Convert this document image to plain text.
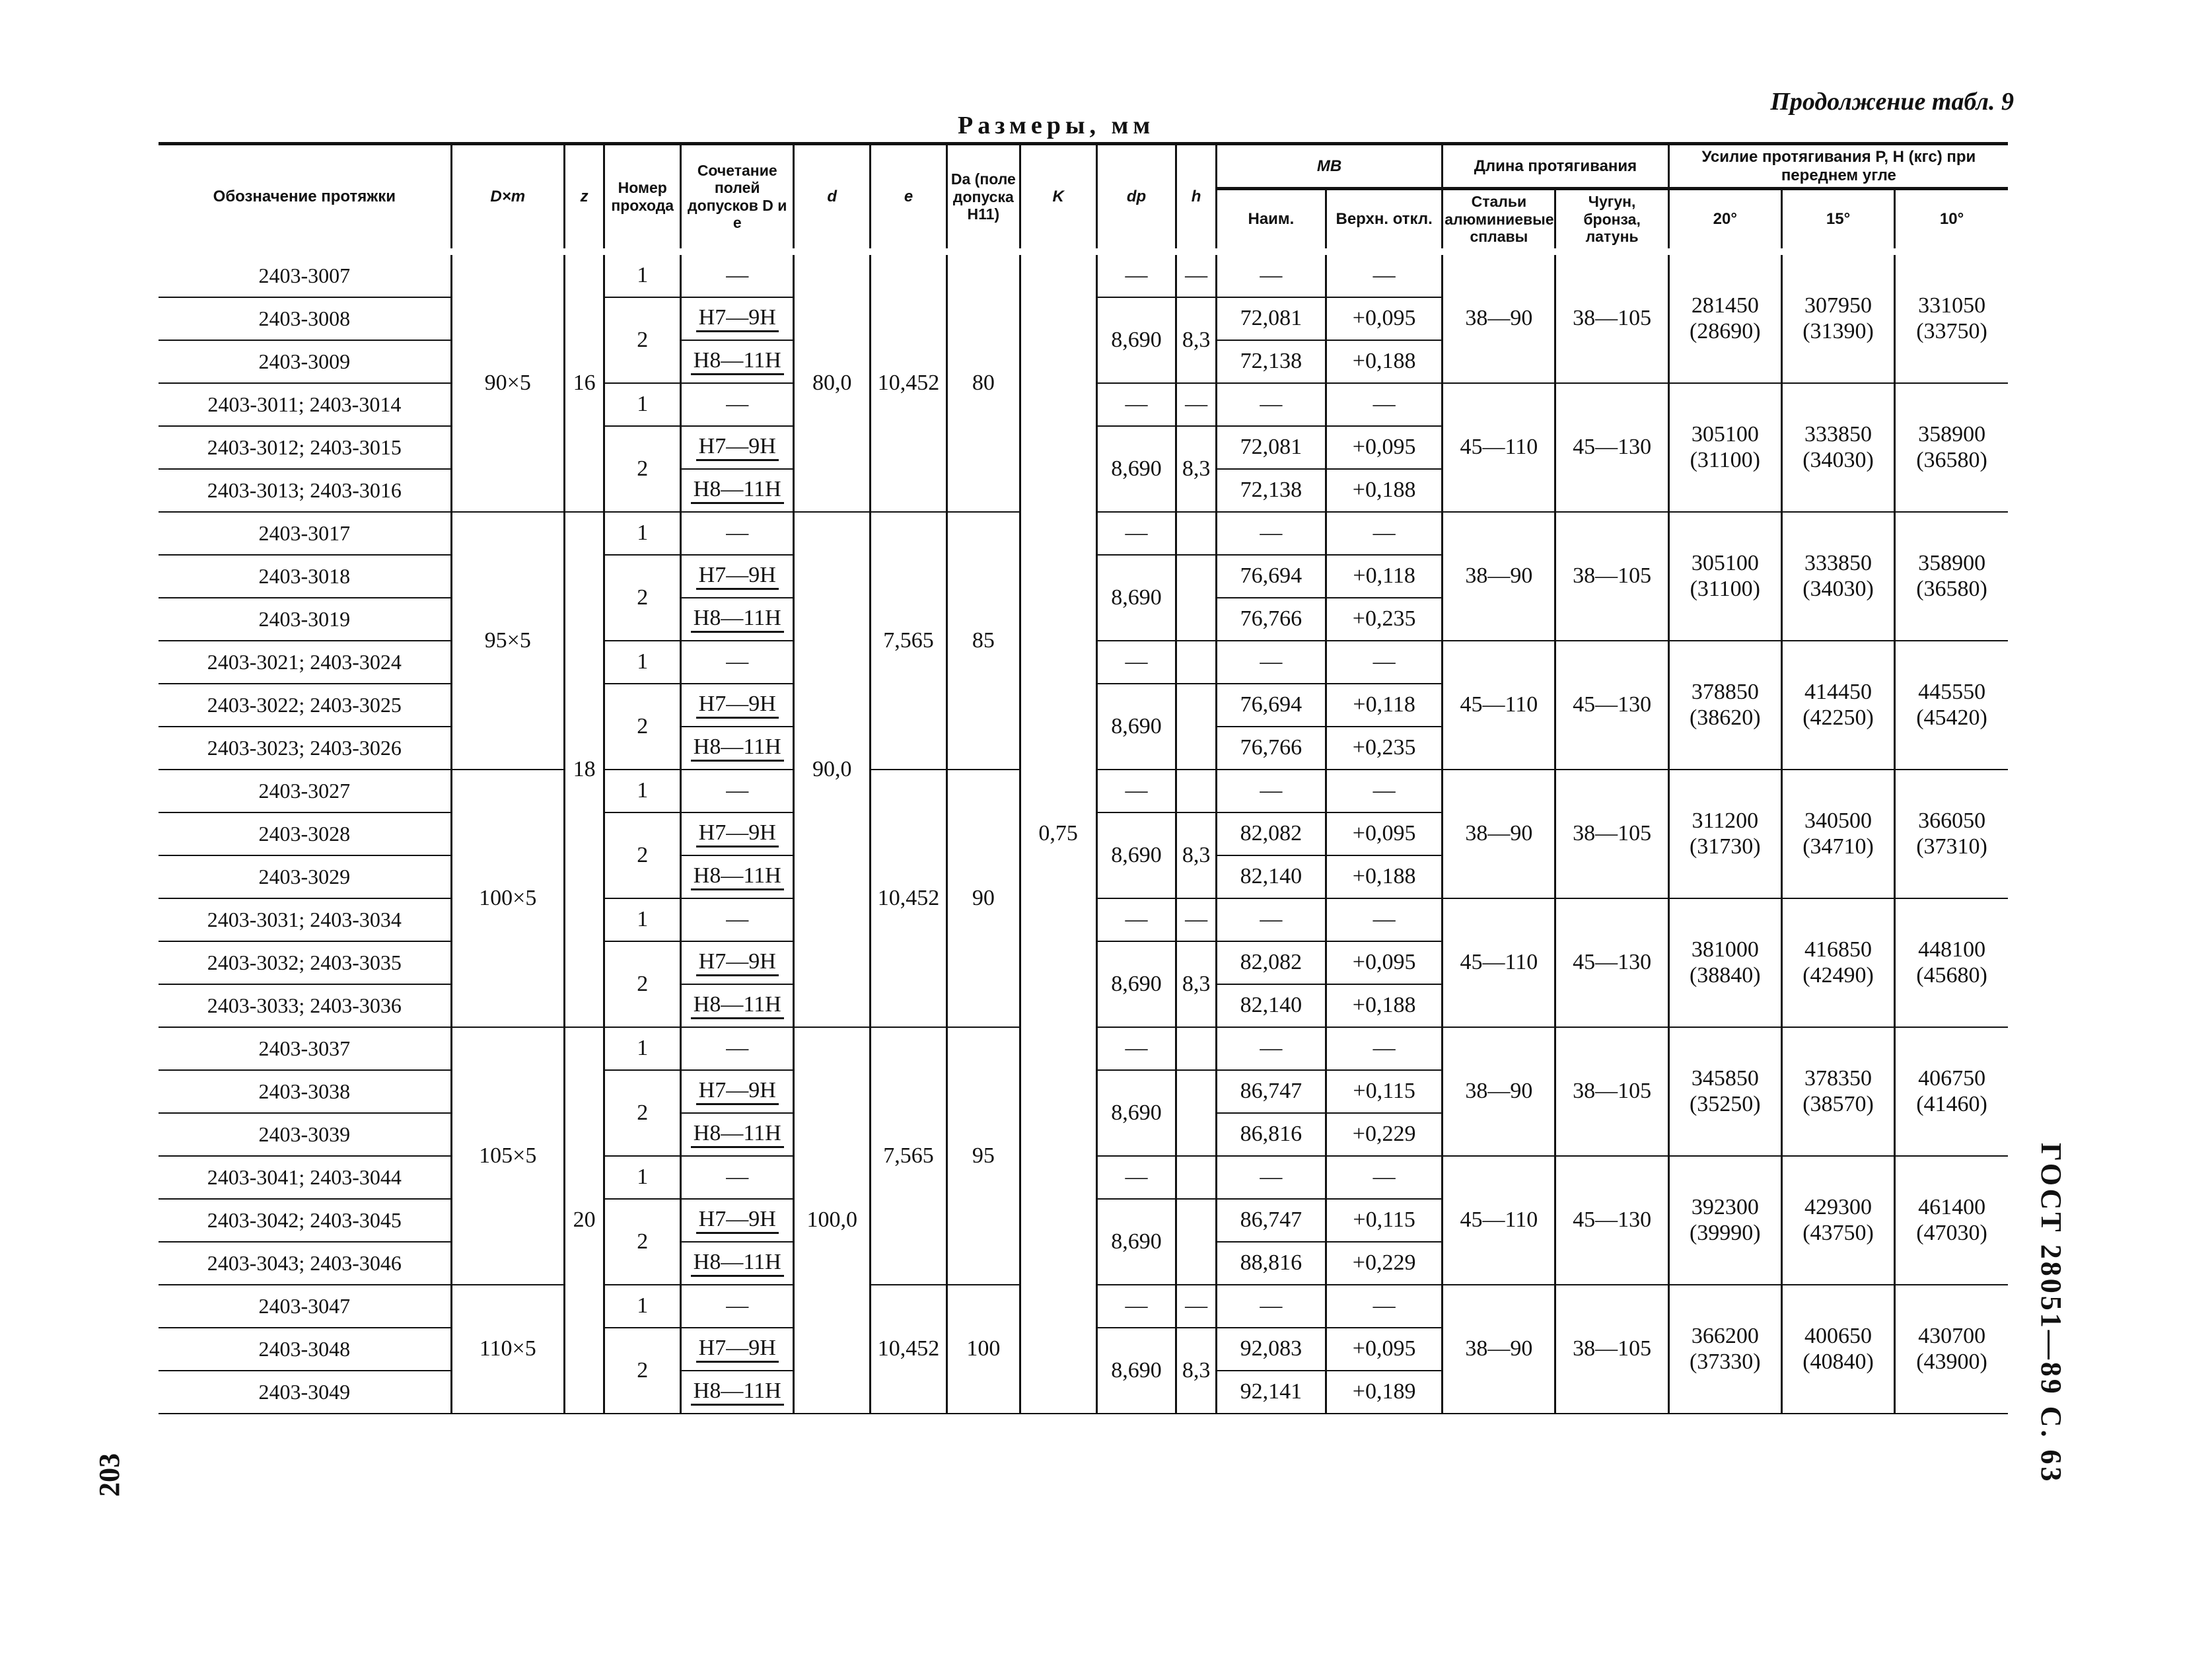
Продолжение табл. 9
Размеры, мм
ГОСТ 28051—89 С. 63
203
Обозначение протяжки	D×m	z	Номер прохода	Сочетание полей допусков D и e	d	e	Da (поле допуска H11)	K	dp	h	MB		Длина протягивания		Усилие протягивания P, Н (кгс) при переднем угле		
											Наим.	Верхн. откл.	Стальи алюминиевые сплавы	Чугун, бронза, латунь	20°	15°	10°
2403-3007	90×5	16	1	—	80,0	10,452	80	0,75	—	—	—	—	38—90	38—105	281450 (28690)	307950 (31390)	331050 (33750)
2403-3008			2	H7—9H					8,690	8,3	72,081	+0,095					
2403-3009				H8—11H							72,138	+0,188					
2403-3011; 2403-3014			1	—					—	—	—	—	45—110	45—130	305100 (31100)	333850 (34030)	358900 (36580)
2403-3012; 2403-3015			2	H7—9H					8,690	8,3	72,081	+0,095					
2403-3013; 2403-3016				H8—11H							72,138	+0,188					
2403-3017	95×5	18	1	—	90,0	7,565	85		—		—	—	38—90	38—105	305100 (31100)	333850 (34030)	358900 (36580)
2403-3018			2	H7—9H					8,690		76,694	+0,118					
2403-3019				H8—11H							76,766	+0,235					
2403-3021; 2403-3024			1	—					—		—	—	45—110	45—130	378850 (38620)	414450 (42250)	445550 (45420)
2403-3022; 2403-3025			2	H7—9H					8,690		76,694	+0,118					
2403-3023; 2403-3026				H8—11H							76,766	+0,235					
2403-3027	100×5		1	—		10,452	90		—		—	—	38—90	38—105	311200 (31730)	340500 (34710)	366050 (37310)
2403-3028			2	H7—9H					8,690	8,3	82,082	+0,095					
2403-3029				H8—11H							82,140	+0,188					
2403-3031; 2403-3034			1	—					—	—	—	—	45—110	45—130	381000 (38840)	416850 (42490)	448100 (45680)
2403-3032; 2403-3035			2	H7—9H					8,690	8,3	82,082	+0,095					
2403-3033; 2403-3036				H8—11H							82,140	+0,188					
2403-3037	105×5	20	1	—	100,0	7,565	95		—		—	—	38—90	38—105	345850 (35250)	378350 (38570)	406750 (41460)
2403-3038			2	H7—9H					8,690		86,747	+0,115					
2403-3039				H8—11H							86,816	+0,229					
2403-3041; 2403-3044			1	—					—		—	—	45—110	45—130	392300 (39990)	429300 (43750)	461400 (47030)
2403-3042; 2403-3045			2	H7—9H					8,690		86,747	+0,115					
2403-3043; 2403-3046				H8—11H							88,816	+0,229					
2403-3047	110×5		1	—		10,452	100		—	—	—	—	38—90	38—105	366200 (37330)	400650 (40840)	430700 (43900)
2403-3048			2	H7—9H					8,690	8,3	92,083	+0,095					
2403-3049				H8—11H							92,141	+0,189					
